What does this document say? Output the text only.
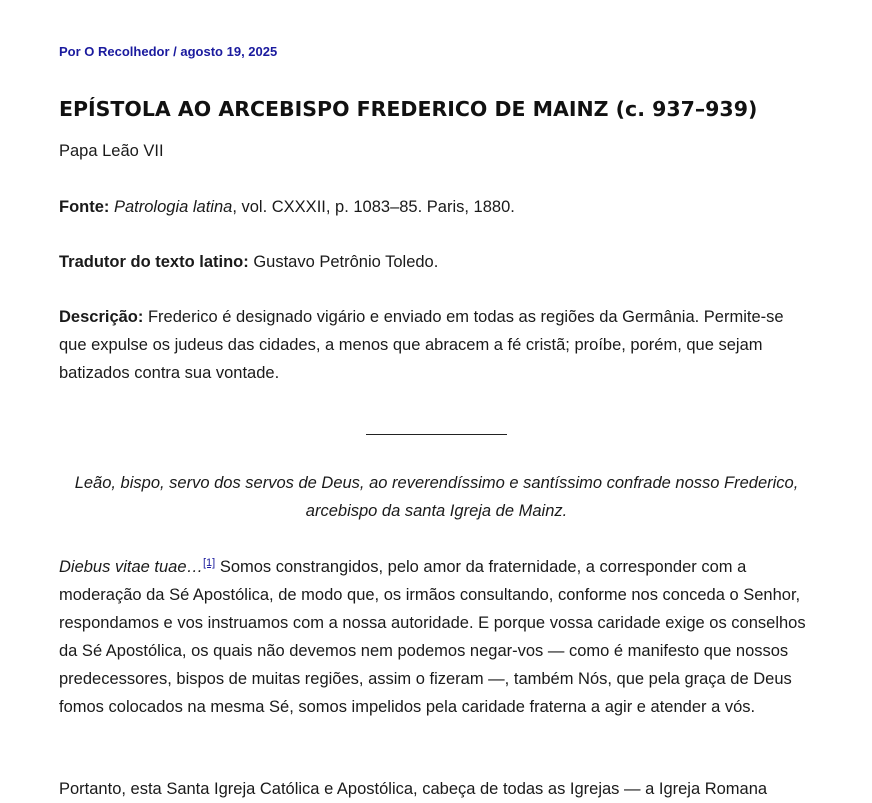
Por O Recolhedor / agosto 19, 2025
EPÍSTOLA AO ARCEBISPO FREDERICO DE MAINZ (c. 937–939)

Papa Leão VII

Fonte: Patrologia latina, vol. CXXXII, p. 1083–85. Paris, 1880.

Tradutor do texto latino: Gustavo Petrônio Toledo.

Descrição: Frederico é designado vigário e enviado em todas as regiões da Germânia. Permite-se que expulse os judeus das cidades, a menos que abracem a fé cristã; proíbe, porém, que sejam batizados contra sua vontade.

Leão, bispo, servo dos servos de Deus, ao reverendíssimo e santíssimo confrade nosso Frederico, arcebispo da santa Igreja de Mainz.

Diebus vitae tuae…[1] Somos constrangidos, pelo amor da fraternidade, a corresponder com a moderação da Sé Apostólica, de modo que, os irmãos consultando, conforme nos conceda o Senhor, respondamos e vos instruamos com a nossa autoridade. E porque vossa caridade exige os conselhos da Sé Apostólica, os quais não devemos nem podemos negar-vos — como é manifesto que nossos predecessores, bispos de muitas regiões, assim o fizeram —, também Nós, que pela graça de Deus fomos colocados na mesma Sé, somos impelidos pela caridade fraterna a agir e atender a vós.

Portanto, esta Santa Igreja Católica e Apostólica, cabeça de todas as Igrejas — a Igreja Romana
